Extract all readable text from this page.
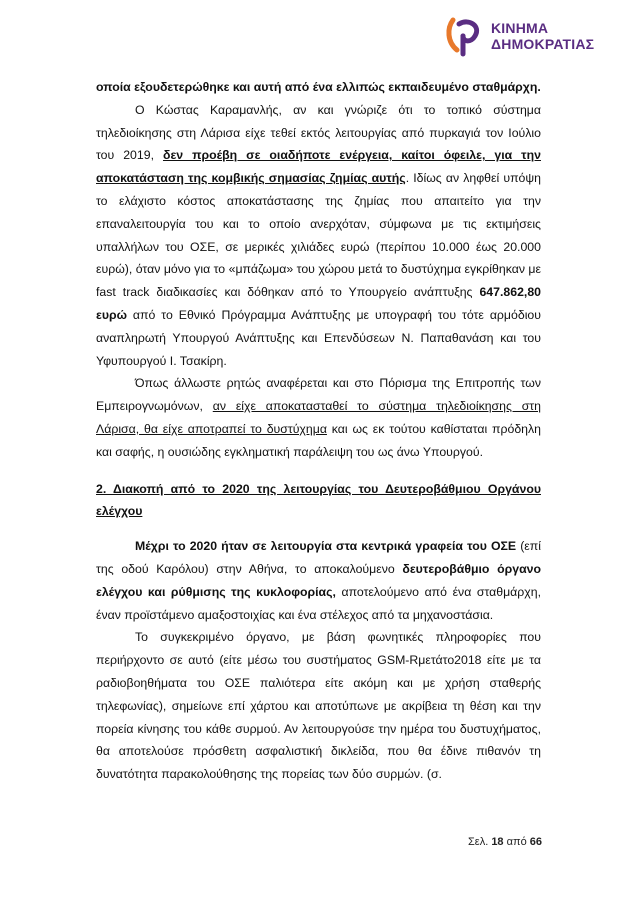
ΚΙΝΗΜΑ
ΔΗΜΟΚΡΑΤΙΑΣ

οποία εξουδετερώθηκε και αυτή από ένα ελλιπώς εκπαιδευμένο σταθμάρχη.

Ο Κώστας Καραμανλής, αν και γνώριζε ότι το τοπικό σύστημα τηλεδιοίκησης στη Λάρισα είχε τεθεί εκτός λειτουργίας από πυρκαγιά τον Ιούλιο του 2019, δεν προέβη σε οιαδήποτε ενέργεια, καίτοι όφειλε, για την αποκατάσταση της κομβικής σημασίας ζημίας αυτής. Ιδίως αν ληφθεί υπόψη το ελάχιστο κόστος αποκατάστασης της ζημίας που απαιτείτο για την επαναλειτουργία του και το οποίο ανερχόταν, σύμφωνα με τις εκτιμήσεις υπαλλήλων του ΟΣΕ, σε μερικές χιλιάδες ευρώ (περίπου 10.000 έως 20.000 ευρώ), όταν μόνο για το «μπάζωμα» του χώρου μετά το δυστύχημα εγκρίθηκαν με fast track διαδικασίες και δόθηκαν από το Υπουργείο ανάπτυξης 647.862,80 ευρώ από το Εθνικό Πρόγραμμα Ανάπτυξης με υπογραφή του τότε αρμόδιου αναπληρωτή Υπουργού Ανάπτυξης και Επενδύσεων Ν. Παπαθανάση και του Υφυπουργού Ι. Τσακίρη.

Όπως άλλωστε ρητώς αναφέρεται και στο Πόρισμα της Επιτροπής των Εμπειρογνωμόνων, αν είχε αποκατασταθεί το σύστημα τηλεδιοίκησης στη Λάρισα, θα είχε αποτραπεί το δυστύχημα και ως εκ τούτου καθίσταται πρόδηλη και σαφής, η ουσιώδης εγκληματική παράλειψη του ως άνω Υπουργού.

2. Διακοπή από το 2020 της λειτουργίας του Δευτεροβάθμιου Οργάνου ελέγχου

Μέχρι το 2020 ήταν σε λειτουργία στα κεντρικά γραφεία του ΟΣΕ (επί της οδού Καρόλου) στην Αθήνα, το αποκαλούμενο δευτεροβάθμιο όργανο ελέγχου και ρύθμισης της κυκλοφορίας, αποτελούμενο από ένα σταθμάρχη, έναν προϊστάμενο αμαξοστοιχίας και ένα στέλεχος από τα μηχανοστάσια.

Το συγκεκριμένο όργανο, με βάση φωνητικές πληροφορίες που περιήρχοντο σε αυτό (είτε μέσω του συστήματος GSM-Rμετάτο2018 είτε με τα ραδιοβοηθήματα του ΟΣΕ παλιότερα είτε ακόμη και με χρήση σταθερής τηλεφωνίας), σημείωνε επί χάρτου και αποτύπωνε με ακρίβεια τη θέση και την πορεία κίνησης του κάθε συρμού. Αν λειτουργούσε την ημέρα του δυστυχήματος, θα αποτελούσε πρόσθετη ασφαλιστική δικλείδα, που θα έδινε πιθανόν τη δυνατότητα παρακολούθησης της πορείας των δύο συρμών. (σ.

Σελ. 18 από 66
